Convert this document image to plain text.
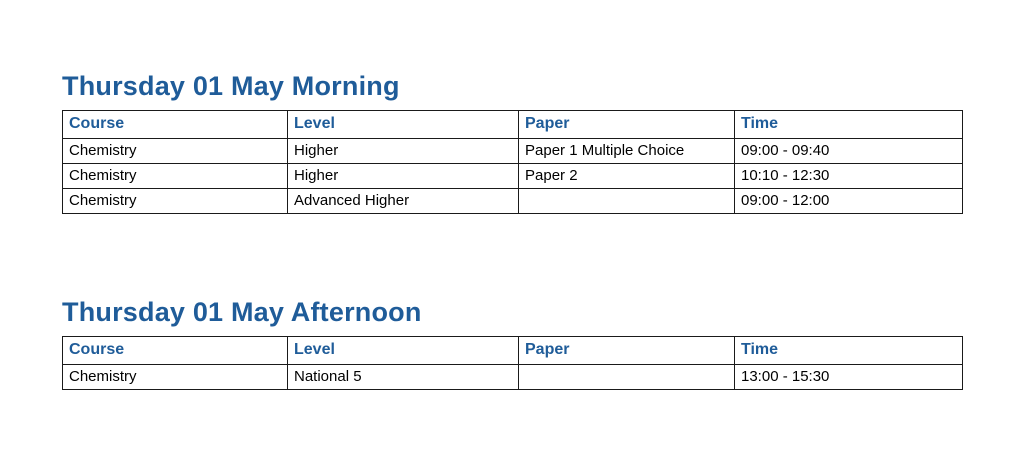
Thursday 01 May Morning
Course	Level	Paper	Time
Chemistry	Higher	Paper 1 Multiple Choice	09:00 - 09:40
Chemistry	Higher	Paper 2	10:10 - 12:30
Chemistry	Advanced Higher		09:00 - 12:00
Thursday 01 May Afternoon
Course	Level	Paper	Time
Chemistry	National 5		13:00 - 15:30
